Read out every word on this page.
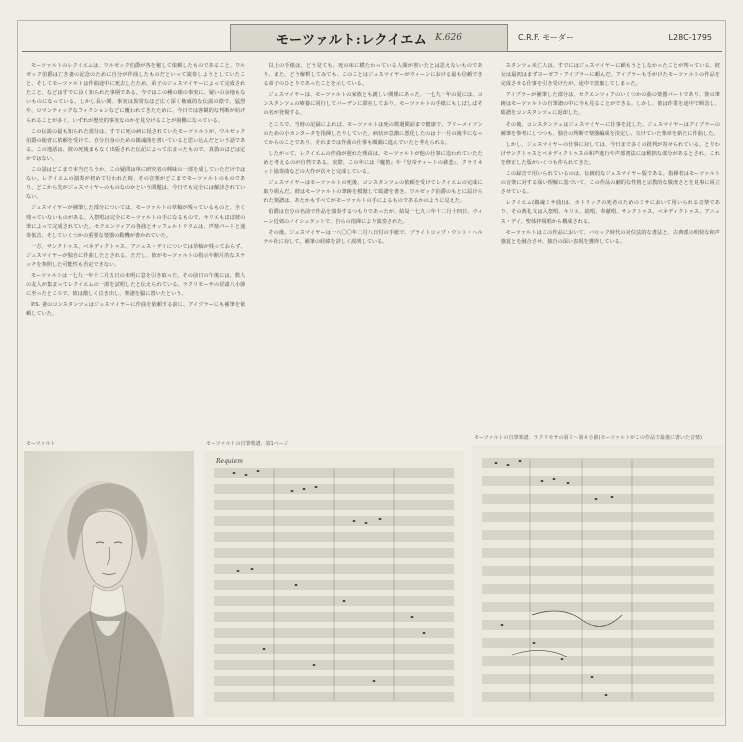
モーツァルト:レクイエム K.626	C.R.F. モーダー	L28C-1795

モーツァルトのレクイエムは、ワルゼック伯爵が各を秘して依頼したものであること、ワルゼック伯爵は亡き妻の記念のために自分が作曲したものだといって演奏しようとしていたこと、そしてモーツァルトは作曲途中に死去したため、弟子のジュスマイヤーによって完成されたこと、などはすでに良く知られた事柄である。今ではこの種の様の事実に、疑いの余地もないものになっている。しかし長い間、事実は異常なほど広く深く権威的な伝説の陰で、猛烈や、ロマンティックなフィクションなどに覆われてきたために、今日では客観的な判断が妨げられることが多く、いずれが歴史的事実なのかを見分けることが困難になっている。

この伝説の最も知られた部分は、すでに死の病に侵されていたモーツァルトが、ワルゼック伯爵の使者に依頼を受けて、自分自身のための鎮魂曲を書いていると思い込んだという話である。この逸話は、彼の死後まもなく出版された伝記によって広まったもので、真偽のほどは定かではない。

この話はどこまで本当だろうか。この疑問は単に研究者の興味の一部を成していただけではない。レクイエムの演奏が初めて行われた時、その音楽がどこまでモーツァルトのものであり、どこから先がジュスマイヤーのものなのかという問題は、今日でも完全には解決されていない。

ジュスマイヤーが補筆した部分については、モーツァルトの草稿が残っているものと、全く残っていないものがある。入祭唱は完全にモーツァルトの手になるもので、キリエもほぼ彼の筆によって完成されていた。セクエンツィアの各曲とオッフェルトリウムは、声楽パートと通奏低音、そしていくつかの重要な楽器の動機が書かれていた。

一方、サンクトゥス、ベネディクトゥス、アニュス・デイについては草稿が残っておらず、ジュスマイヤーが独自に作曲したとされる。ただし、彼がモーツァルトの指示や断片的なスケッチを参照した可能性も否定できない。

モーツァルトは一七九一年十二月五日の未明に息を引き取った。その前日の午後には、数人の友人が集まってレクイエムの一部を試唱したと伝えられている。ラクリモーサの冒頭八小節に至ったところで、彼は激しく泣き出し、楽譜を脇に置いたという。

P.S. 妻のコンスタンツェはジュスマイヤーに作曲を依頼する前に、アイブラーにも補筆を依頼していた。

以上の手紙は、どう見ても、死の床に横たわっている人間が書いたとは思えないものであり、また、どう解釈してみても、このことはジュスマイヤーがウィーンにおける最も信頼できる弟子のひとりであったことを示している。

ジュスマイヤーは、モーツァルトの家族とも親しい関係にあった。一七九一年の夏には、コンスタンツェの療養に同行してバーデンに滞在しており、モーツァルトの手紙にもしばしばその名が登場する。

ところで、当時の記録によれば、モーツァルトは死の数週間前まで健康で、フリーメイソンのための小カンタータを指揮したりしていた。病状が急激に悪化したのは十一月の後半になってからのことであり、それまでは作曲の仕事も順調に進んでいたと考えられる。

したがって、レクイエムの作曲が遅れた理由は、モーツァルトが他の仕事に追われていたためと考えるのが自然である。実際、この年には『魔笛』や『皇帝ティートの慈悲』、クラリネット協奏曲などの大作が次々と完成している。

ジュスマイヤーはモーツァルトの死後、コンスタンツェの依頼を受けてレクイエムの完成に取り組んだ。彼はモーツァルトの筆跡を模倣して総譜を書き、ワルゼック伯爵のもとに届けられた楽譜は、あたかもすべてがモーツァルトの手によるものであるかのように見えた。

伯爵は自分の名前で作品を演奏するつもりであったが、結局一七九三年十二月十四日、ウィーン近郊のノイシュタットで、自らの指揮により演奏された。

その後、ジュスマイヤーは一八〇〇年二月八日付の手紙で、ブライトコップ・ウント・ヘルテル社に対して、補筆の経緯を詳しく説明している。

スタンツェ未亡人は、すでにはジュスマイヤーに頼もうとしなかったことが判っている。彼女は最初はまずヨーゼフ・アイブラーに頼んだ。アイブラーも手がけたモーツァルトの作品を完成させる仕事を引き受けたが、途中で放棄してしまった。

アイブラーが補筆した部分は、セクエンツィアのいくつかの曲の楽器パートであり、彼の筆跡はモーツァルトの自筆譜の中に今も見ることができる。しかし、彼は作業を途中で断念し、総譜をコンスタンツェに返却した。

その後、コンスタンツェはジュスマイヤーに仕事を託した。ジュスマイヤーはアイブラーの補筆を参考にしつつも、独自の判断で楽器編成を決定し、欠けていた楽章を新たに作曲した。

しかし、ジュスマイヤーの仕事に対しては、今日まで多くの批判が寄せられている。とりわけサンクトゥスとベネディクトゥスの和声進行や声部書法には稚拙な部分があるとされ、これを修正した版がいくつも作られてきた。

この録音で用いられているのは、伝統的なジュスマイヤー版である。指揮者はモーツァルトの音楽に対する深い理解に基づいて、この作品の劇的な性格と宗教的な敬虔さとを見事に両立させている。

レクイエム(鎮魂ミサ曲)は、カトリックの死者のためのミサにおいて用いられる音楽であり、その典礼文は入祭唱、キリエ、続唱、奉献唱、サンクトゥス、ベネディクトゥス、アニュス・デイ、聖体拝領唱から構成される。

モーツァルトはこの作品において、バロック時代の対位法的な書法と、古典派の明快な和声感覚とを融合させ、独自の深い表現を獲得している。

モーツァルト	モーツァルトの自筆楽譜、第1ページ
モーツァルトの自筆楽譜、ラクリモサの第１〜第８小節(モーツァルトがこの作品で最後に書いた音楽)
Requiem
